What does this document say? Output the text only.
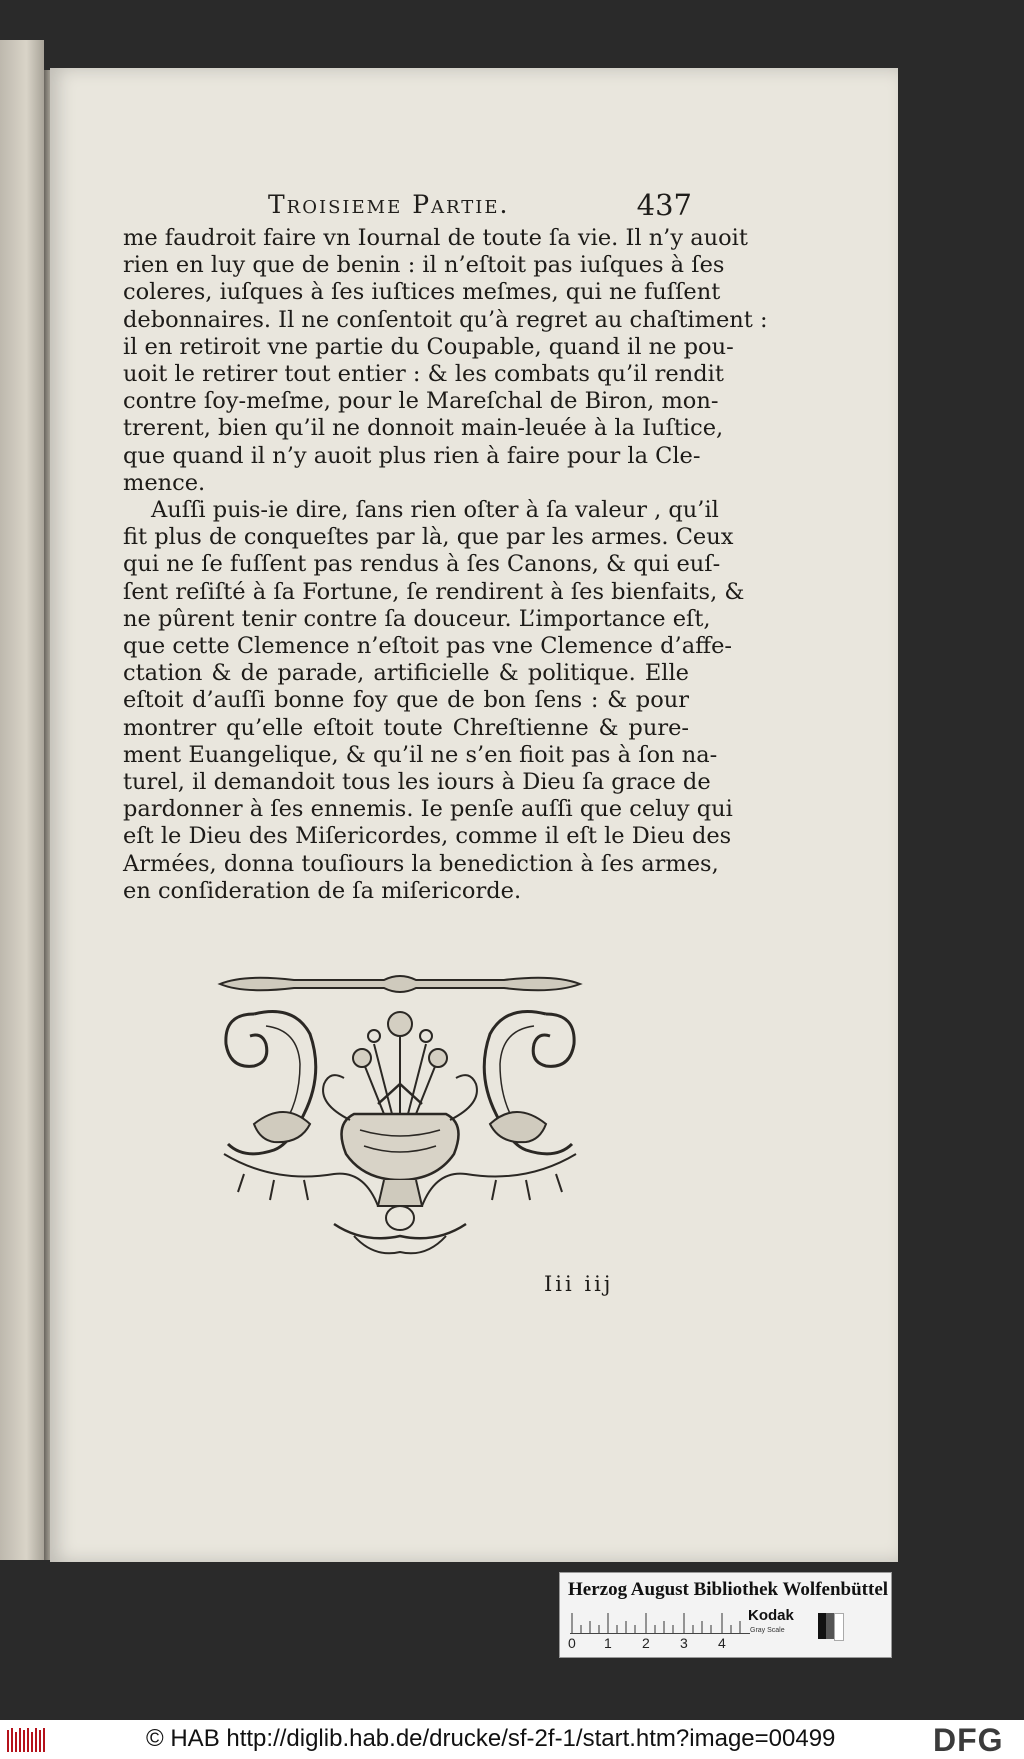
Troisieme Partie.	437

me faudroit faire vn Iournal de toute ſa vie. Il n’y auoit

rien en luy que de benin : il n’eſtoit pas iuſques à ſes

coleres, iuſques à ſes iuſtices meſmes, qui ne fuſſent

debonnaires. Il ne conſentoit qu’à regret au chaſtiment :

il en retiroit vne partie du Coupable, quand il ne pou-

uoit le retirer tout entier : & les combats qu’il rendit

contre ſoy-meſme, pour le Mareſchal de Biron, mon-

trerent, bien qu’il ne donnoit main-leuée à la Iuſtice,

que quand il n’y auoit plus rien à faire pour la Cle-

mence.

Auſſi puis-ie dire, ſans rien oſter à ſa valeur , qu’il

fit plus de conqueſtes par là, que par les armes. Ceux

qui ne ſe fuſſent pas rendus à ſes Canons, & qui euſ-

ſent reſiſté à ſa Fortune, ſe rendirent à ſes bienfaits, &

ne pûrent tenir contre ſa douceur. L’importance eſt,

que cette Clemence n’eſtoit pas vne Clemence d’affe-

ctation & de parade, artificielle & politique. Elle

eſtoit d’auſſi bonne foy que de bon ſens : & pour

montrer qu’elle eſtoit toute Chreſtienne & pure-

ment Euangelique, & qu’il ne s’en fioit pas à ſon na-

turel, il demandoit tous les iours à Dieu ſa grace de

pardonner à ſes ennemis. Ie penſe auſſi que celuy qui

eſt le Dieu des Miſericordes, comme il eſt le Dieu des

Armées, donna touſiours la benediction à ſes armes,

en conſideration de ſa miſericorde.

Iii iij
Herzog August Bibliothek Wolfenbüttel
0 1 2 3 4
Kodak
Gray Scale
© HAB http://diglib.hab.de/drucke/sf-2f-1/start.htm?image=00499	DFG
